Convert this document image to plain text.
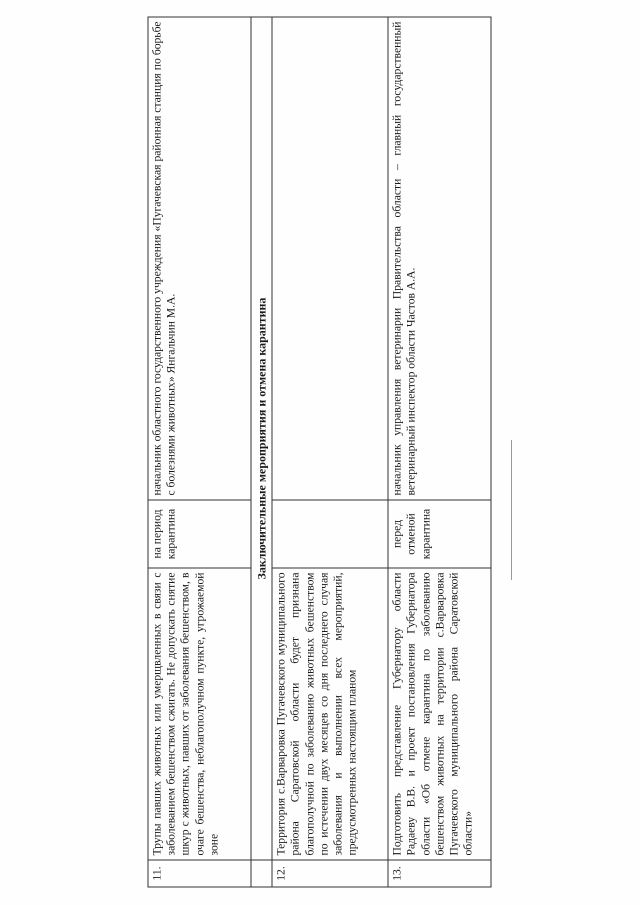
11.	Трупы павших животных или умерщвленных в связи с заболеванием бешенством сжигать. Не допускать снятие шкур с животных, павших от заболевания бешенством, в очаге бешенства, неблагополучном пункте, угрожаемой зоне	на период карантина	начальник областного государственного учреждения «Пугачевская районная станция по борьбе с болезнями животных» Янгальчин М.А.
	Заключительные мероприятия и отмена карантина		
12.	Территория с.Варваровка Пугачевского муниципального района Саратовской области будет признана благополучной по заболеванию животных бешенством по истечении двух месяцев со дня последнего случая заболевания и выполнении всех мероприятий, предусмотренных настоящим планом		
13.	Подготовить представление Губернатору области Радаеву В.В. и проект постановления Губернатора области «Об отмене карантина по заболеванию бешенством животных на территории с.Варваровка Пугачевского муниципального района Саратовской области»	перед отменой карантина	начальник управления ветеринарии Правительства области – главный государственный ветеринарный инспектор области Частов А.А.
